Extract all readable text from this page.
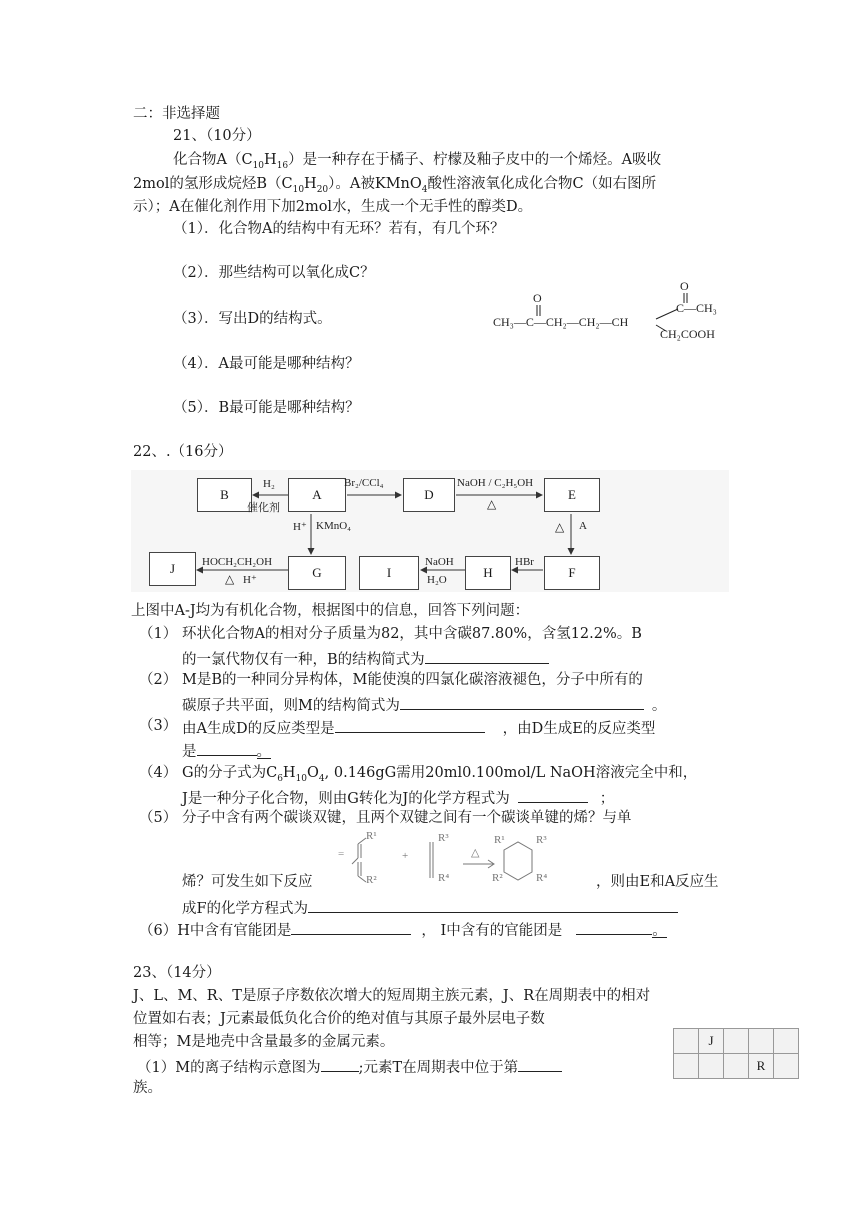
二：非选择题
21、（10分）
化合物$A(C_{10}H_{16})$是一种存在于橘子、柠檬及釉子皮中的一个烯烃。A吸收
2mol的氢形成烷烃$B(C_{10}H_{20})$。A被KMnO$_4$酸性溶液氧化成化合物C（如右图所
示）；A在催化剂作用下加2mol水，生成一个无手性的醇类D。
（1）．化合物A的结构中有无环？若有，有几个环？
（2）．那些结构可以氧化成C？
（3）．写出D的结构式。
（4）．A最可能是哪种结构？
（5）．B最可能是哪种结构？
O
O
CH₃—C—CH₂—CH₂—CH
C—CH₃
CH₂COOH
22、.（16分）
B	A	D	E
F
H
I
G
J
H₂
催化剂
Br₂/CCl₄	NaOH / C₂H₅OH
△
H⁺ KMnO₄	△ A
HBr
NaOH
H₂O
HOCH₂CH₂OH
△ H⁺
上图中A-J均为有机化合物，根据图中的信息，回答下列问题：
（1） 环状化合物A的相对分子质量为82，其中含碳87.80%，含氢12.2%。B
的一氯代物仅有一种，B的结构简式为
（2） M是B的一种同分异构体，M能使溴的四氯化碳溶液褪色，分子中所有的
碳原子共平面，则M的结构简式为	。
（3） 由A生成D的反应类型是	，由D生成E的反应类型
是	。
（4） G的分子式为$C_6H_{10}O_4$, 0.146gG需用20ml0.100mol/L NaOH溶液完全中和，
J是一种分子化合物，则由G转化为J的化学方程式为	；
（5） 分子中含有两个碳谈双键，且两个双键之间有一个碳谈单键的烯？与单
=
R¹
R²
+
R³
R⁴
△
R¹
R²
R³
R⁴
烯？可发生如下反应	，则由E和A反应生
成F的化学方程式为
（6）H中含有官能团是	， I中含有的官能团是	。
23、（14分）
J、L、M、R、T是原子序数依次增大的短周期主族元素，J、R在周期表中的相对
位置如右表；J元素最低负化合价的绝对值与其原子最外层电子数
相等；M是地壳中含量最多的金属元素。
（1）M的离子结构示意图为	;元素T在周期表中位于第
族。
	J			
			R	
